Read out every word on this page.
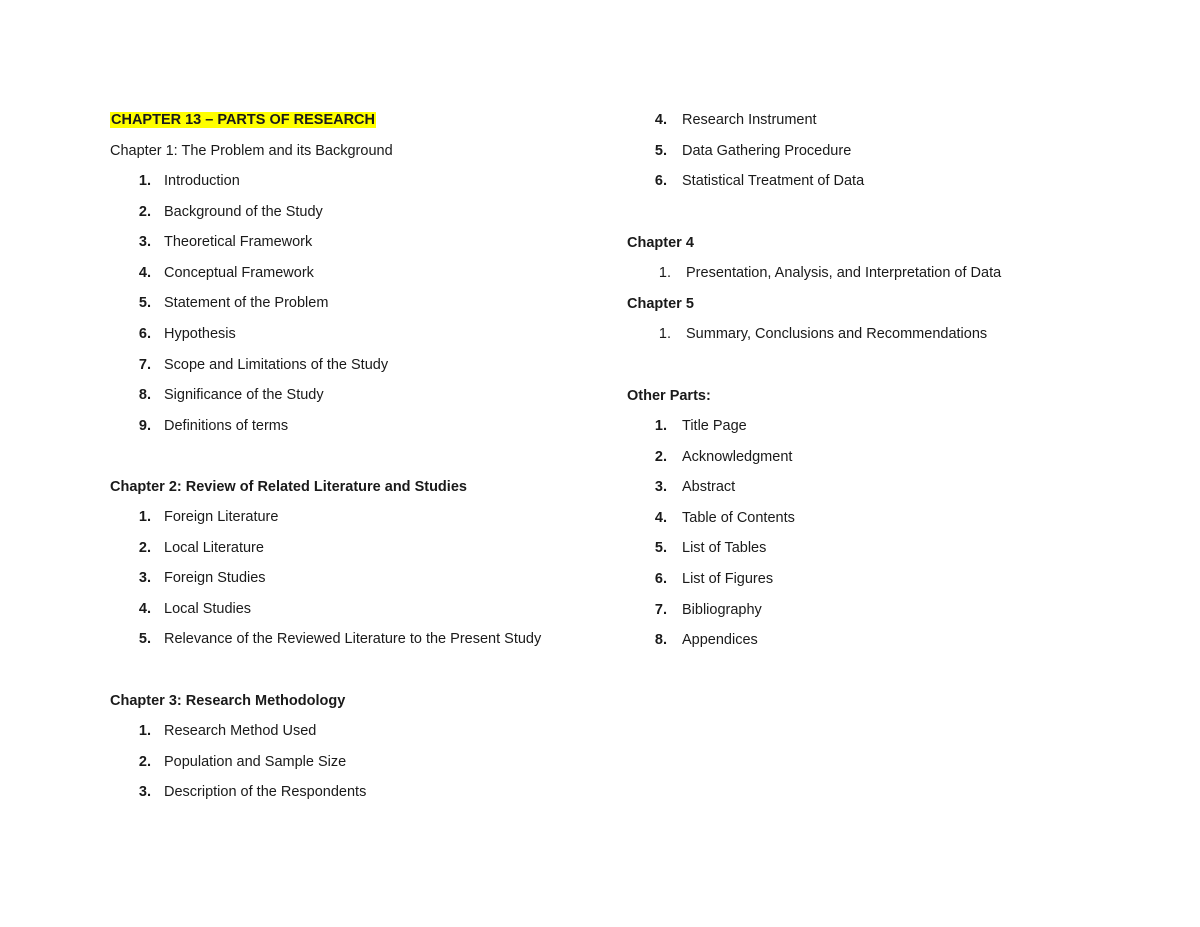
CHAPTER 13 – PARTS OF RESEARCH
Chapter 1: The Problem and its Background
1. Introduction
2. Background of the Study
3. Theoretical Framework
4. Conceptual Framework
5. Statement of the Problem
6. Hypothesis
7. Scope and Limitations of the Study
8. Significance of the Study
9. Definitions of terms
Chapter 2: Review of Related Literature and Studies
1. Foreign Literature
2. Local Literature
3. Foreign Studies
4. Local Studies
5. Relevance of the Reviewed Literature to the Present Study
Chapter 3: Research Methodology
1. Research Method Used
2. Population and Sample Size
3. Description of the Respondents
4. Research Instrument
5. Data Gathering Procedure
6. Statistical Treatment of Data
Chapter 4
1. Presentation, Analysis, and Interpretation of Data
Chapter 5
1. Summary, Conclusions and Recommendations
Other Parts:
1. Title Page
2. Acknowledgment
3. Abstract
4. Table of Contents
5. List of Tables
6. List of Figures
7. Bibliography
8. Appendices
